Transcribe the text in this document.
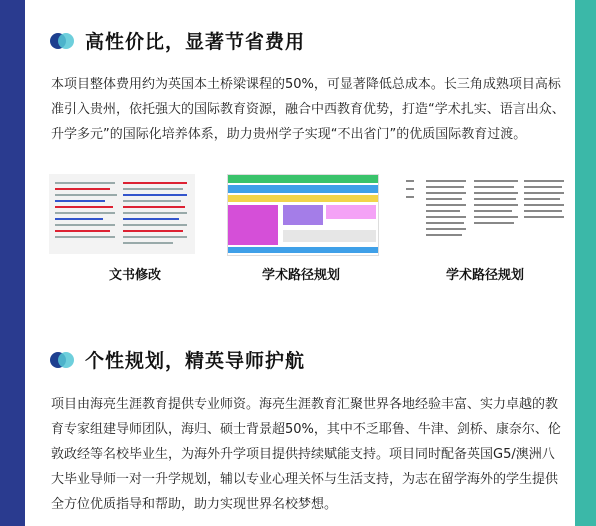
高性价比，显著节省费用
本项目整体费用约为英国本土桥梁课程的50%，可显著降低总成本。长三角成熟项目高标准引入贵州，依托强大的国际教育资源，融合中西教育优势，打造“学术扎实、语言出众、升学多元”的国际化培养体系，助力贵州学子实现“不出省门”的优质国际教育过渡。
文书修改	学术路径规划	学术路径规划
个性规划，精英导师护航
项目由海亮生涯教育提供专业师资。海亮生涯教育汇聚世界各地经验丰富、实力卓越的教育专家组建导师团队，海归、硕士背景超50%，其中不乏耶鲁、牛津、剑桥、康奈尔、伦敦政经等名校毕业生，为海外升学项目提供持续赋能支持。项目同时配备英国G5/澳洲八大毕业导师一对一升学规划，辅以专业心理关怀与生活支持，为志在留学海外的学生提供全方位优质指导和帮助，助力实现世界名校梦想。
